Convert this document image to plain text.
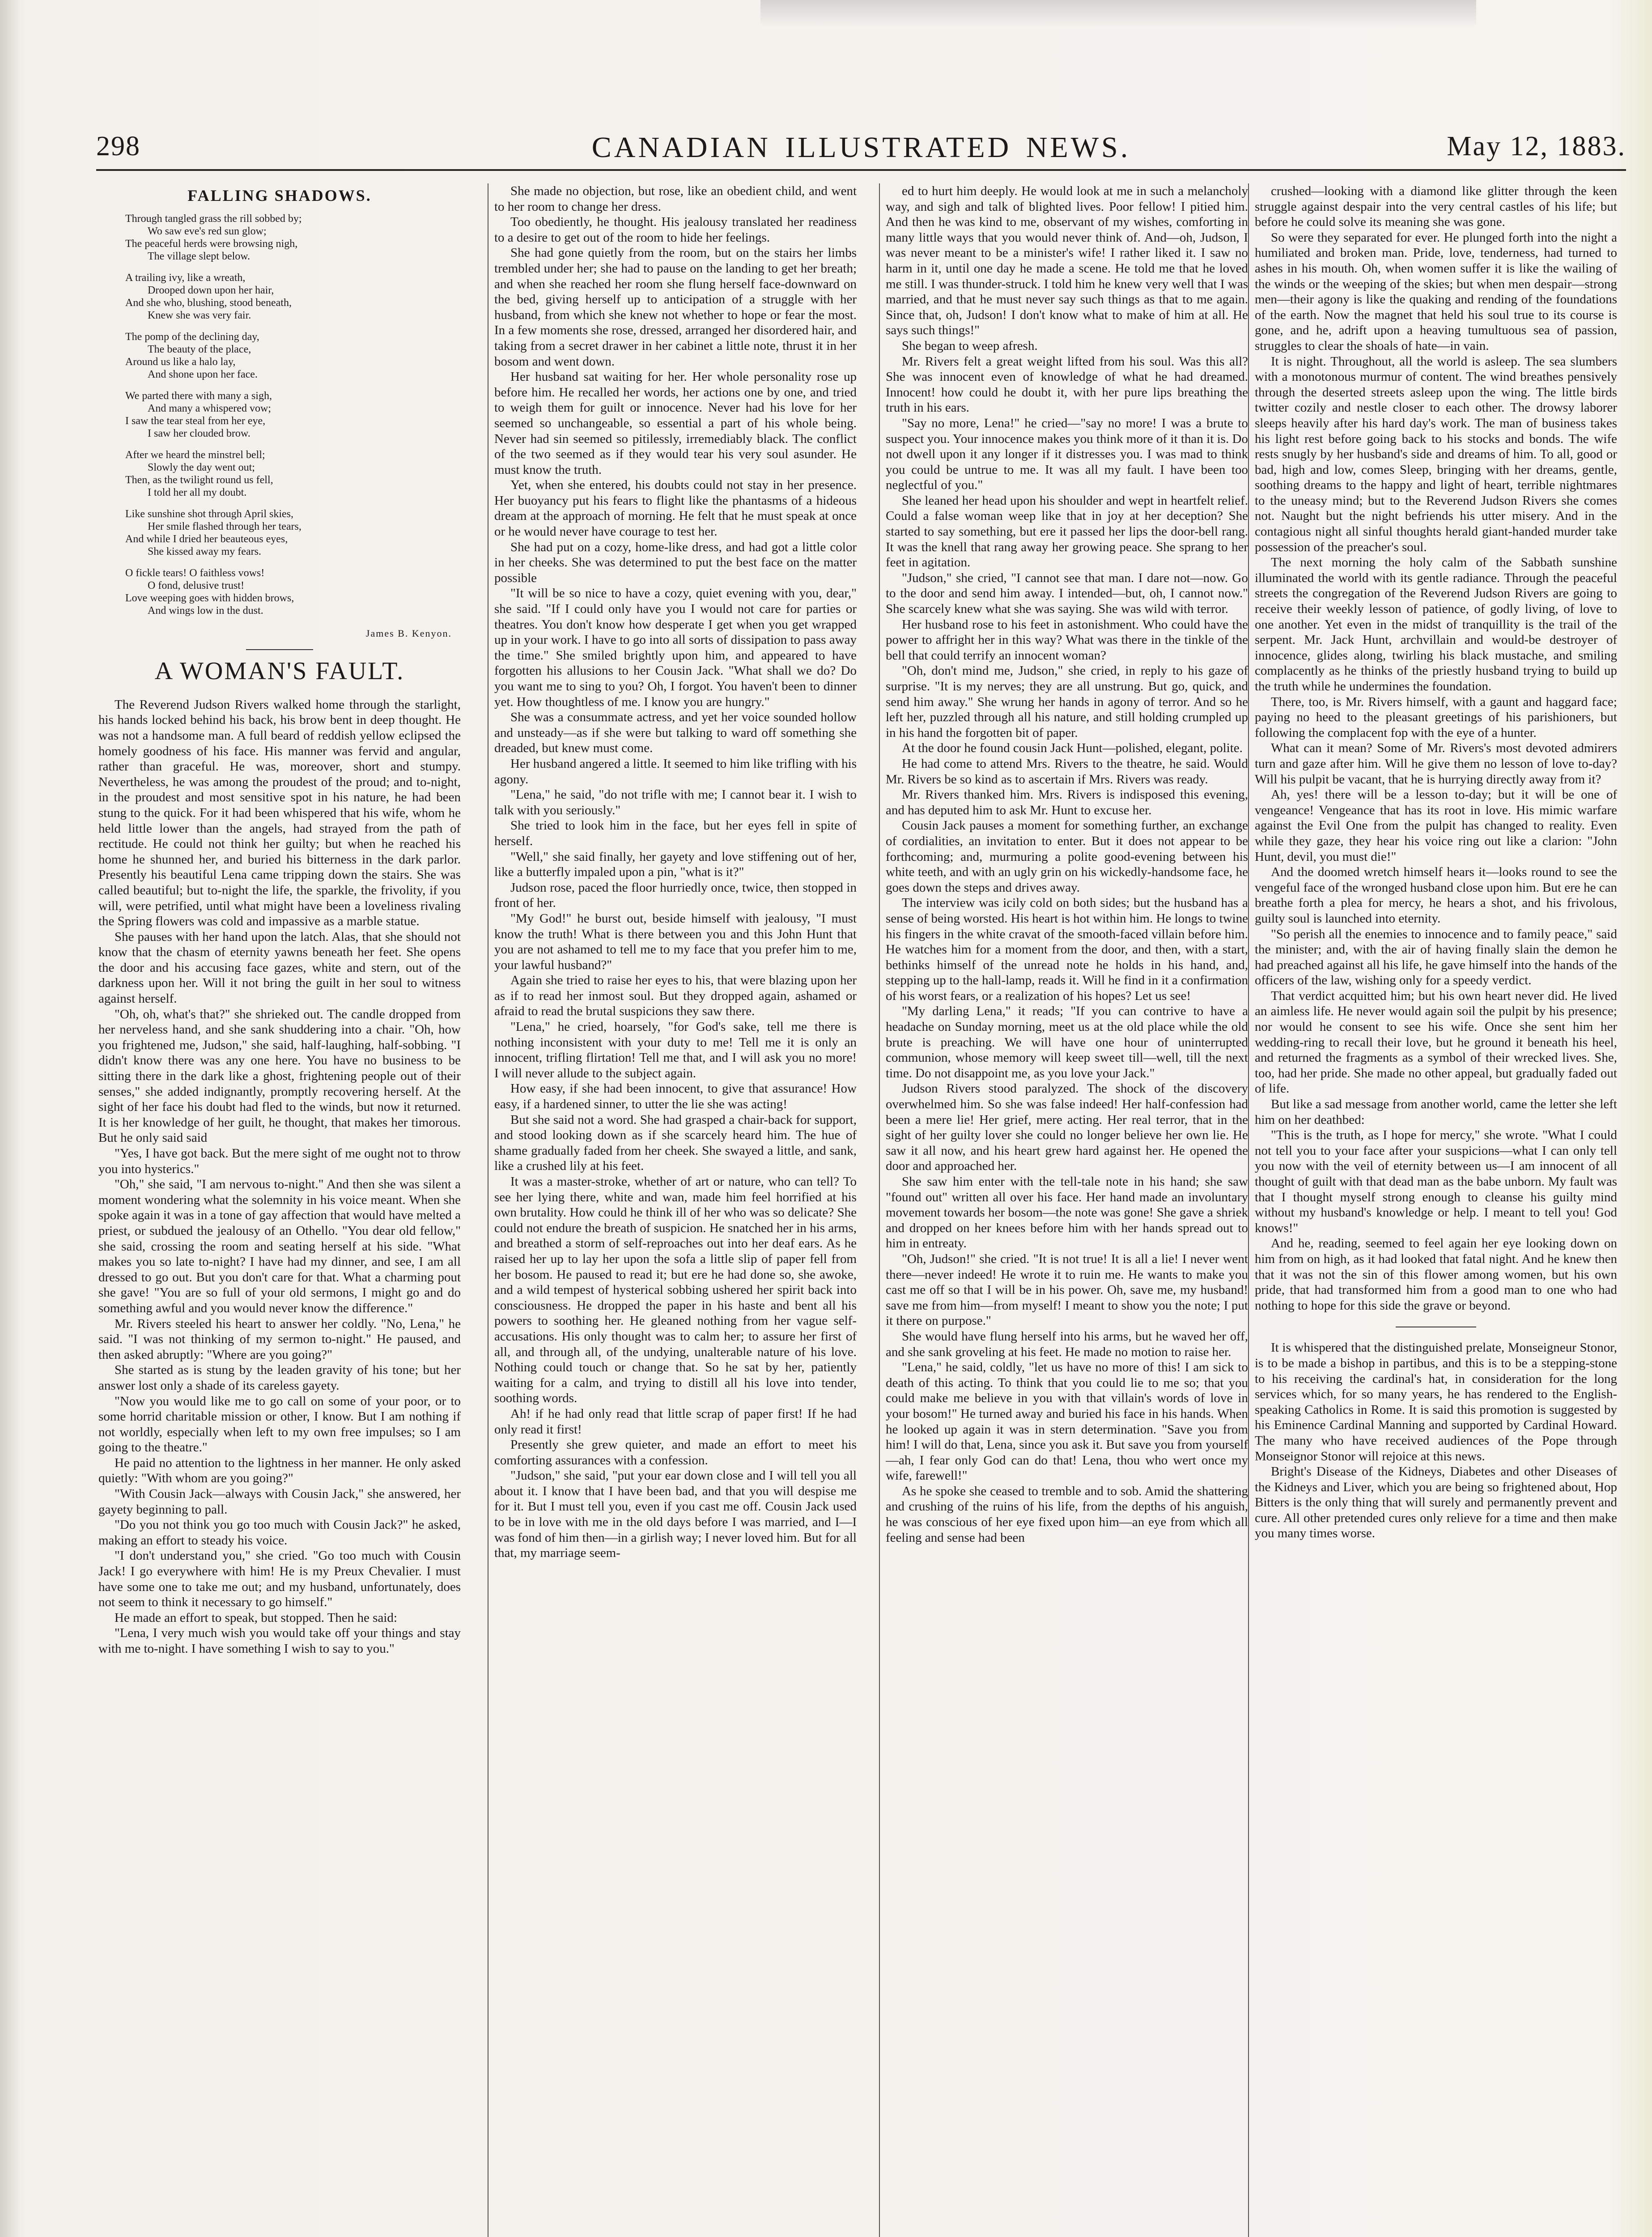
298	CANADIAN ILLUSTRATED NEWS.	May 12, 1883.
FALLING SHADOWS.
Through tangled grass the rill sobbed by;
Wo saw eve's red sun glow;
The peaceful herds were browsing nigh,
The village slept below.
A trailing ivy, like a wreath,
Drooped down upon her hair,
And she who, blushing, stood beneath,
Knew she was very fair.
The pomp of the declining day,
The beauty of the place,
Around us like a halo lay,
And shone upon her face.
We parted there with many a sigh,
And many a whispered vow;
I saw the tear steal from her eye,
I saw her clouded brow.
After we heard the minstrel bell;
Slowly the day went out;
Then, as the twilight round us fell,
I told her all my doubt.
Like sunshine shot through April skies,
Her smile flashed through her tears,
And while I dried her beauteous eyes,
She kissed away my fears.
O fickle tears! O faithless vows!
O fond, delusive trust!
Love weeping goes with hidden brows,
And wings low in the dust.
James B. Kenyon.
A WOMAN'S FAULT.

The Reverend Judson Rivers walked home through the starlight, his hands locked behind his back, his brow bent in deep thought. He was not a handsome man. A full beard of reddish yellow eclipsed the homely goodness of his face. His manner was fervid and angular, rather than graceful. He was, moreover, short and stumpy. Nevertheless, he was among the proudest of the proud; and to-night, in the proudest and most sensitive spot in his nature, he had been stung to the quick. For it had been whispered that his wife, whom he held little lower than the angels, had strayed from the path of rectitude. He could not think her guilty; but when he reached his home he shunned her, and buried his bitterness in the dark parlor. Presently his beautiful Lena came tripping down the stairs. She was called beautiful; but to-night the life, the sparkle, the frivolity, if you will, were petrified, until what might have been a loveliness rivaling the Spring flowers was cold and impassive as a marble statue.

She pauses with her hand upon the latch. Alas, that she should not know that the chasm of eternity yawns beneath her feet. She opens the door and his accusing face gazes, white and stern, out of the darkness upon her. Will it not bring the guilt in her soul to witness against herself.

"Oh, oh, what's that?" she shrieked out. The candle dropped from her nerveless hand, and she sank shuddering into a chair. "Oh, how you frightened me, Judson," she said, half-laughing, half-sobbing. "I didn't know there was any one here. You have no business to be sitting there in the dark like a ghost, frightening people out of their senses," she added indignantly, promptly recovering herself. At the sight of her face his doubt had fled to the winds, but now it returned. It is her knowledge of her guilt, he thought, that makes her timorous. But he only said said

"Yes, I have got back. But the mere sight of me ought not to throw you into hysterics."

"Oh," she said, "I am nervous to-night." And then she was silent a moment wondering what the solemnity in his voice meant. When she spoke again it was in a tone of gay affection that would have melted a priest, or subdued the jealousy of an Othello. "You dear old fellow," she said, crossing the room and seating herself at his side. "What makes you so late to-night? I have had my dinner, and see, I am all dressed to go out. But you don't care for that. What a charming pout she gave! "You are so full of your old sermons, I might go and do something awful and you would never know the difference."

Mr. Rivers steeled his heart to answer her coldly. "No, Lena," he said. "I was not thinking of my sermon to-night." He paused, and then asked abruptly: "Where are you going?"

She started as is stung by the leaden gravity of his tone; but her answer lost only a shade of its careless gayety.

"Now you would like me to go call on some of your poor, or to some horrid charitable mission or other, I know. But I am nothing if not worldly, especially when left to my own free impulses; so I am going to the theatre."

He paid no attention to the lightness in her manner. He only asked quietly: "With whom are you going?"

"With Cousin Jack—always with Cousin Jack," she answered, her gayety beginning to pall.

"Do you not think you go too much with Cousin Jack?" he asked, making an effort to steady his voice.

"I don't understand you," she cried. "Go too much with Cousin Jack! I go everywhere with him! He is my Preux Chevalier. I must have some one to take me out; and my husband, unfortunately, does not seem to think it necessary to go himself."

He made an effort to speak, but stopped. Then he said:

"Lena, I very much wish you would take off your things and stay with me to-night. I have something I wish to say to you."

She made no objection, but rose, like an obedient child, and went to her room to change her dress.

Too obediently, he thought. His jealousy translated her readiness to a desire to get out of the room to hide her feelings.

She had gone quietly from the room, but on the stairs her limbs trembled under her; she had to pause on the landing to get her breath; and when she reached her room she flung herself face-downward on the bed, giving herself up to anticipation of a struggle with her husband, from which she knew not whether to hope or fear the most. In a few moments she rose, dressed, arranged her disordered hair, and taking from a secret drawer in her cabinet a little note, thrust it in her bosom and went down.

Her husband sat waiting for her. Her whole personality rose up before him. He recalled her words, her actions one by one, and tried to weigh them for guilt or innocence. Never had his love for her seemed so unchangeable, so essential a part of his whole being. Never had sin seemed so pitilessly, irremediably black. The conflict of the two seemed as if they would tear his very soul asunder. He must know the truth.

Yet, when she entered, his doubts could not stay in her presence. Her buoyancy put his fears to flight like the phantasms of a hideous dream at the approach of morning. He felt that he must speak at once or he would never have courage to test her.

She had put on a cozy, home-like dress, and had got a little color in her cheeks. She was determined to put the best face on the matter possible

"It will be so nice to have a cozy, quiet evening with you, dear," she said. "If I could only have you I would not care for parties or theatres. You don't know how desperate I get when you get wrapped up in your work. I have to go into all sorts of dissipation to pass away the time." She smiled brightly upon him, and appeared to have forgotten his allusions to her Cousin Jack. "What shall we do? Do you want me to sing to you? Oh, I forgot. You haven't been to dinner yet. How thoughtless of me. I know you are hungry."

She was a consummate actress, and yet her voice sounded hollow and unsteady—as if she were but talking to ward off something she dreaded, but knew must come.

Her husband angered a little. It seemed to him like trifling with his agony.

"Lena," he said, "do not trifle with me; I cannot bear it. I wish to talk with you seriously."

She tried to look him in the face, but her eyes fell in spite of herself.

"Well," she said finally, her gayety and love stiffening out of her, like a butterfly impaled upon a pin, "what is it?"

Judson rose, paced the floor hurriedly once, twice, then stopped in front of her.

"My God!" he burst out, beside himself with jealousy, "I must know the truth! What is there between you and this John Hunt that you are not ashamed to tell me to my face that you prefer him to me, your lawful husband?"

Again she tried to raise her eyes to his, that were blazing upon her as if to read her inmost soul. But they dropped again, ashamed or afraid to read the brutal suspicions they saw there.

"Lena," he cried, hoarsely, "for God's sake, tell me there is nothing inconsistent with your duty to me! Tell me it is only an innocent, trifling flirtation! Tell me that, and I will ask you no more! I will never allude to the subject again.

How easy, if she had been innocent, to give that assurance! How easy, if a hardened sinner, to utter the lie she was acting!

But she said not a word. She had grasped a chair-back for support, and stood looking down as if she scarcely heard him. The hue of shame gradually faded from her cheek. She swayed a little, and sank, like a crushed lily at his feet.

It was a master-stroke, whether of art or nature, who can tell? To see her lying there, white and wan, made him feel horrified at his own brutality. How could he think ill of her who was so delicate? She could not endure the breath of suspicion. He snatched her in his arms, and breathed a storm of self-reproaches out into her deaf ears. As he raised her up to lay her upon the sofa a little slip of paper fell from her bosom. He paused to read it; but ere he had done so, she awoke, and a wild tempest of hysterical sobbing ushered her spirit back into consciousness. He dropped the paper in his haste and bent all his powers to soothing her. He gleaned nothing from her vague self-accusations. His only thought was to calm her; to assure her first of all, and through all, of the undying, unalterable nature of his love. Nothing could touch or change that. So he sat by her, patiently waiting for a calm, and trying to distill all his love into tender, soothing words.

Ah! if he had only read that little scrap of paper first! If he had only read it first!

Presently she grew quieter, and made an effort to meet his comforting assurances with a confession.

"Judson," she said, "put your ear down close and I will tell you all about it. I know that I have been bad, and that you will despise me for it. But I must tell you, even if you cast me off. Cousin Jack used to be in love with me in the old days before I was married, and I—I was fond of him then—in a girlish way; I never loved him. But for all that, my marriage seem-

ed to hurt him deeply. He would look at me in such a melancholy way, and sigh and talk of blighted lives. Poor fellow! I pitied him. And then he was kind to me, observant of my wishes, comforting in many little ways that you would never think of. And—oh, Judson, I was never meant to be a minister's wife! I rather liked it. I saw no harm in it, until one day he made a scene. He told me that he loved me still. I was thunder-struck. I told him he knew very well that I was married, and that he must never say such things as that to me again. Since that, oh, Judson! I don't know what to make of him at all. He says such things!"

She began to weep afresh.

Mr. Rivers felt a great weight lifted from his soul. Was this all? She was innocent even of knowledge of what he had dreamed. Innocent! how could he doubt it, with her pure lips breathing the truth in his ears.

"Say no more, Lena!" he cried—"say no more! I was a brute to suspect you. Your innocence makes you think more of it than it is. Do not dwell upon it any longer if it distresses you. I was mad to think you could be untrue to me. It was all my fault. I have been too neglectful of you."

She leaned her head upon his shoulder and wept in heartfelt relief. Could a false woman weep like that in joy at her deception? She started to say something, but ere it passed her lips the door-bell rang. It was the knell that rang away her growing peace. She sprang to her feet in agitation.

"Judson," she cried, "I cannot see that man. I dare not—now. Go to the door and send him away. I intended—but, oh, I cannot now." She scarcely knew what she was saying. She was wild with terror.

Her husband rose to his feet in astonishment. Who could have the power to affright her in this way? What was there in the tinkle of the bell that could terrify an innocent woman?

"Oh, don't mind me, Judson," she cried, in reply to his gaze of surprise. "It is my nerves; they are all unstrung. But go, quick, and send him away." She wrung her hands in agony of terror. And so he left her, puzzled through all his nature, and still holding crumpled up in his hand the forgotten bit of paper.

At the door he found cousin Jack Hunt—polished, elegant, polite.

He had come to attend Mrs. Rivers to the theatre, he said. Would Mr. Rivers be so kind as to ascertain if Mrs. Rivers was ready.

Mr. Rivers thanked him. Mrs. Rivers is indisposed this evening, and has deputed him to ask Mr. Hunt to excuse her.

Cousin Jack pauses a moment for something further, an exchange of cordialities, an invitation to enter. But it does not appear to be forthcoming; and, murmuring a polite good-evening between his white teeth, and with an ugly grin on his wickedly-handsome face, he goes down the steps and drives away.

The interview was icily cold on both sides; but the husband has a sense of being worsted. His heart is hot within him. He longs to twine his fingers in the white cravat of the smooth-faced villain before him. He watches him for a moment from the door, and then, with a start, bethinks himself of the unread note he holds in his hand, and, stepping up to the hall-lamp, reads it. Will he find in it a confirmation of his worst fears, or a realization of his hopes? Let us see!

"My darling Lena," it reads; "If you can contrive to have a headache on Sunday morning, meet us at the old place while the old brute is preaching. We will have one hour of uninterrupted communion, whose memory will keep sweet till—well, till the next time. Do not disappoint me, as you love your Jack."

Judson Rivers stood paralyzed. The shock of the discovery overwhelmed him. So she was false indeed! Her half-confession had been a mere lie! Her grief, mere acting. Her real terror, that in the sight of her guilty lover she could no longer believe her own lie. He saw it all now, and his heart grew hard against her. He opened the door and approached her.

She saw him enter with the tell-tale note in his hand; she saw "found out" written all over his face. Her hand made an involuntary movement towards her bosom—the note was gone! She gave a shriek and dropped on her knees before him with her hands spread out to him in entreaty.

"Oh, Judson!" she cried. "It is not true! It is all a lie! I never went there—never indeed! He wrote it to ruin me. He wants to make you cast me off so that I will be in his power. Oh, save me, my husband! save me from him—from myself! I meant to show you the note; I put it there on purpose."

She would have flung herself into his arms, but he waved her off, and she sank groveling at his feet. He made no motion to raise her.

"Lena," he said, coldly, "let us have no more of this! I am sick to death of this acting. To think that you could lie to me so; that you could make me believe in you with that villain's words of love in your bosom!" He turned away and buried his face in his hands. When he looked up again it was in stern determination. "Save you from him! I will do that, Lena, since you ask it. But save you from yourself—ah, I fear only God can do that! Lena, thou who wert once my wife, farewell!"

As he spoke she ceased to tremble and to sob. Amid the shattering and crushing of the ruins of his life, from the depths of his anguish, he was conscious of her eye fixed upon him—an eye from which all feeling and sense had been

crushed—looking with a diamond like glitter through the keen struggle against despair into the very central castles of his life; but before he could solve its meaning she was gone.

So were they separated for ever. He plunged forth into the night a humiliated and broken man. Pride, love, tenderness, had turned to ashes in his mouth. Oh, when women suffer it is like the wailing of the winds or the weeping of the skies; but when men despair—strong men—their agony is like the quaking and rending of the foundations of the earth. Now the magnet that held his soul true to its course is gone, and he, adrift upon a heaving tumultuous sea of passion, struggles to clear the shoals of hate—in vain.

It is night. Throughout, all the world is asleep. The sea slumbers with a monotonous murmur of content. The wind breathes pensively through the deserted streets asleep upon the wing. The little birds twitter cozily and nestle closer to each other. The drowsy laborer sleeps heavily after his hard day's work. The man of business takes his light rest before going back to his stocks and bonds. The wife rests snugly by her husband's side and dreams of him. To all, good or bad, high and low, comes Sleep, bringing with her dreams, gentle, soothing dreams to the happy and light of heart, terrible nightmares to the uneasy mind; but to the Reverend Judson Rivers she comes not. Naught but the night befriends his utter misery. And in the contagious night all sinful thoughts herald giant-handed murder take possession of the preacher's soul.

The next morning the holy calm of the Sabbath sunshine illuminated the world with its gentle radiance. Through the peaceful streets the congregation of the Reverend Judson Rivers are going to receive their weekly lesson of patience, of godly living, of love to one another. Yet even in the midst of tranquillity is the trail of the serpent. Mr. Jack Hunt, archvillain and would-be destroyer of innocence, glides along, twirling his black mustache, and smiling complacently as he thinks of the priestly husband trying to build up the truth while he undermines the foundation.

There, too, is Mr. Rivers himself, with a gaunt and haggard face; paying no heed to the pleasant greetings of his parishioners, but following the complacent fop with the eye of a hunter.

What can it mean? Some of Mr. Rivers's most devoted admirers turn and gaze after him. Will he give them no lesson of love to-day? Will his pulpit be vacant, that he is hurrying directly away from it?

Ah, yes! there will be a lesson to-day; but it will be one of vengeance! Vengeance that has its root in love. His mimic warfare against the Evil One from the pulpit has changed to reality. Even while they gaze, they hear his voice ring out like a clarion: "John Hunt, devil, you must die!"

And the doomed wretch himself hears it—looks round to see the vengeful face of the wronged husband close upon him. But ere he can breathe forth a plea for mercy, he hears a shot, and his frivolous, guilty soul is launched into eternity.

"So perish all the enemies to innocence and to family peace," said the minister; and, with the air of having finally slain the demon he had preached against all his life, he gave himself into the hands of the officers of the law, wishing only for a speedy verdict.

That verdict acquitted him; but his own heart never did. He lived an aimless life. He never would again soil the pulpit by his presence; nor would he consent to see his wife. Once she sent him her wedding-ring to recall their love, but he ground it beneath his heel, and returned the fragments as a symbol of their wrecked lives. She, too, had her pride. She made no other appeal, but gradually faded out of life.

But like a sad message from another world, came the letter she left him on her deathbed:

"This is the truth, as I hope for mercy," she wrote. "What I could not tell you to your face after your suspicions—what I can only tell you now with the veil of eternity between us—I am innocent of all thought of guilt with that dead man as the babe unborn. My fault was that I thought myself strong enough to cleanse his guilty mind without my husband's knowledge or help. I meant to tell you! God knows!"

And he, reading, seemed to feel again her eye looking down on him from on high, as it had looked that fatal night. And he knew then that it was not the sin of this flower among women, but his own pride, that had transformed him from a good man to one who had nothing to hope for this side the grave or beyond.

It is whispered that the distinguished prelate, Monseigneur Stonor, is to be made a bishop in partibus, and this is to be a stepping-stone to his receiving the cardinal's hat, in consideration for the long services which, for so many years, he has rendered to the English-speaking Catholics in Rome. It is said this promotion is suggested by his Eminence Cardinal Manning and supported by Cardinal Howard. The many who have received audiences of the Pope through Monseignor Stonor will rejoice at this news.

Bright's Disease of the Kidneys, Diabetes and other Diseases of the Kidneys and Liver, which you are being so frightened about, Hop Bitters is the only thing that will surely and permanently prevent and cure. All other pretended cures only relieve for a time and then make you many times worse.
